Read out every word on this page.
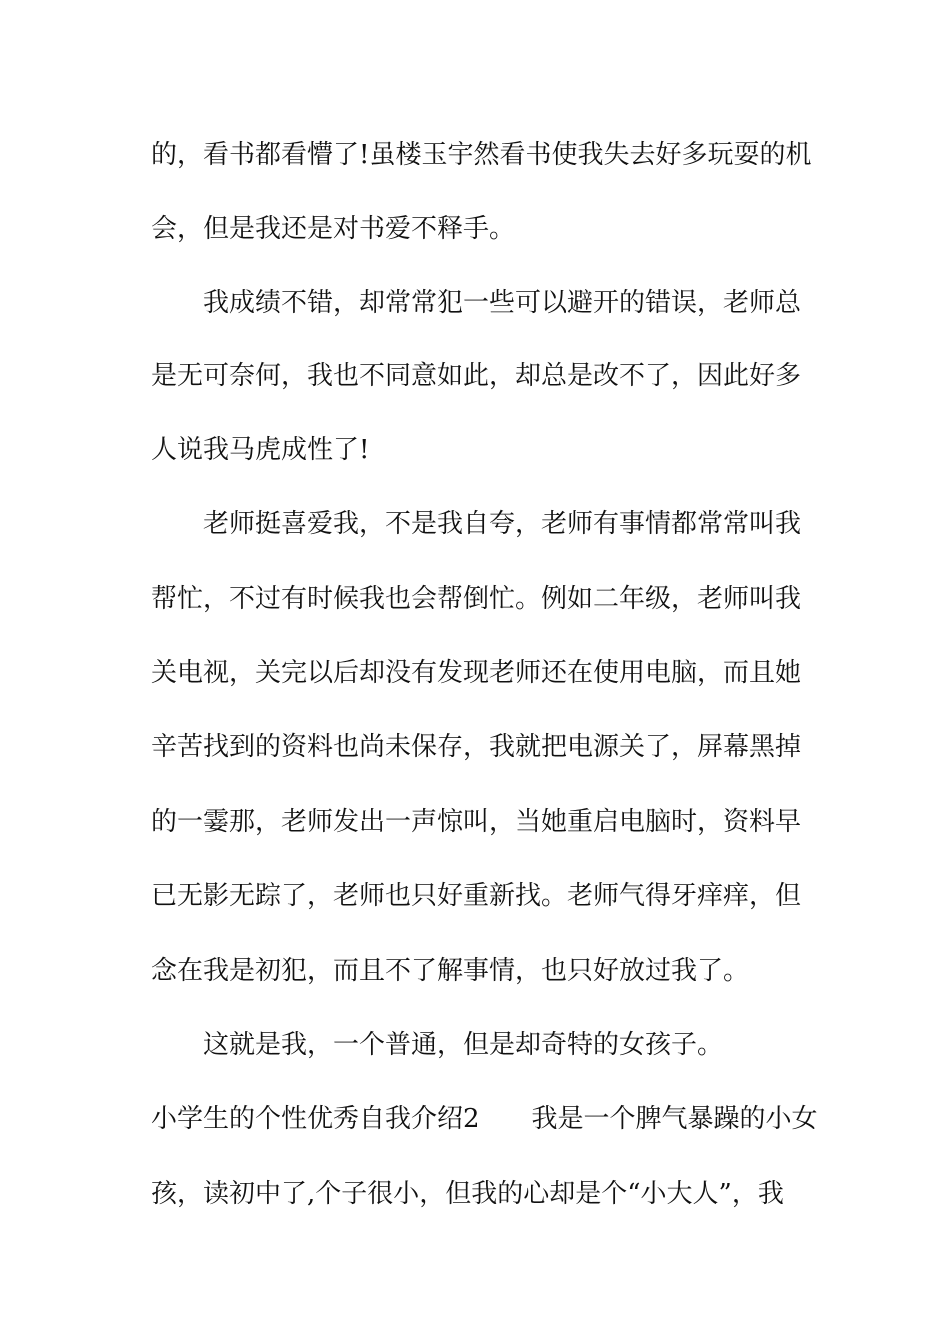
的，看书都看懵了!虽楼玉宇然看书使我失去好多玩耍的机
会，但是我还是对书爱不释手。
我成绩不错，却常常犯一些可以避开的错误，老师总
是无可奈何，我也不同意如此，却总是改不了，因此好多
人说我马虎成性了!
老师挺喜爱我，不是我自夸，老师有事情都常常叫我
帮忙，不过有时候我也会帮倒忙。例如二年级，老师叫我
关电视，关完以后却没有发现老师还在使用电脑，而且她
辛苦找到的资料也尚未保存，我就把电源关了，屏幕黑掉
的一霎那，老师发出一声惊叫，当她重启电脑时，资料早
已无影无踪了，老师也只好重新找。老师气得牙痒痒，但
念在我是初犯，而且不了解事情，也只好放过我了。
这就是我，一个普通，但是却奇特的女孩子。
小学生的个性优秀自我介绍2　　我是一个脾气暴躁的小女
孩，读初中了,个子很小，但我的心却是个“小大人”，我
